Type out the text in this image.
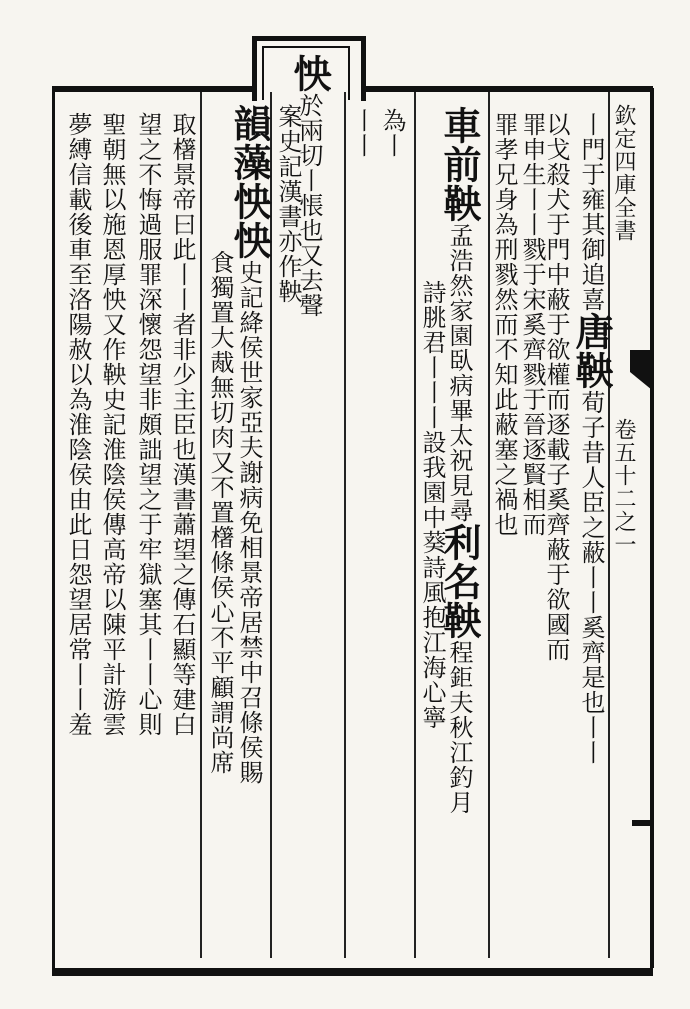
欽定四庫全書
卷五十二之一
丨門于雍其御追喜唐鞅荀子昔人臣之蔽丨丨奚齊是也丨丨
以戈殺犬于門中蔽于欲權而逐載子奚齊蔽于欲國而
罪申生丨丨戮于宋奚齊戮于晉逐賢相而
罪孝兄身為刑戮然而不知此蔽塞之禍也
車前鞅孟浩然家園臥病畢太祝見尋利名鞅程鉅夫秋江釣月
詩朓君丨丨丨設我園中葵詩風抱江海心寧
為丨
丨丨
怏於兩切丨悵也又去聲
案史記漢書亦作鞅
韻藻怏怏史記絳侯世家亞夫謝病免相景帝居禁中召條侯賜
食獨置大胾無切肉又不置櫡條侯心不平顧謂尚席
取櫡景帝曰此丨丨者非少主臣也漢書蕭望之傳石顯等建白
望之不悔過服罪深懷怨望非頗詘望之于牢獄塞其丨丨心則
聖朝無以施恩厚怏又作鞅史記淮陰侯傳高帝以陳平計游雲
夢縛信載後車至洛陽赦以為淮陰侯由此日怨望居常丨丨羞
